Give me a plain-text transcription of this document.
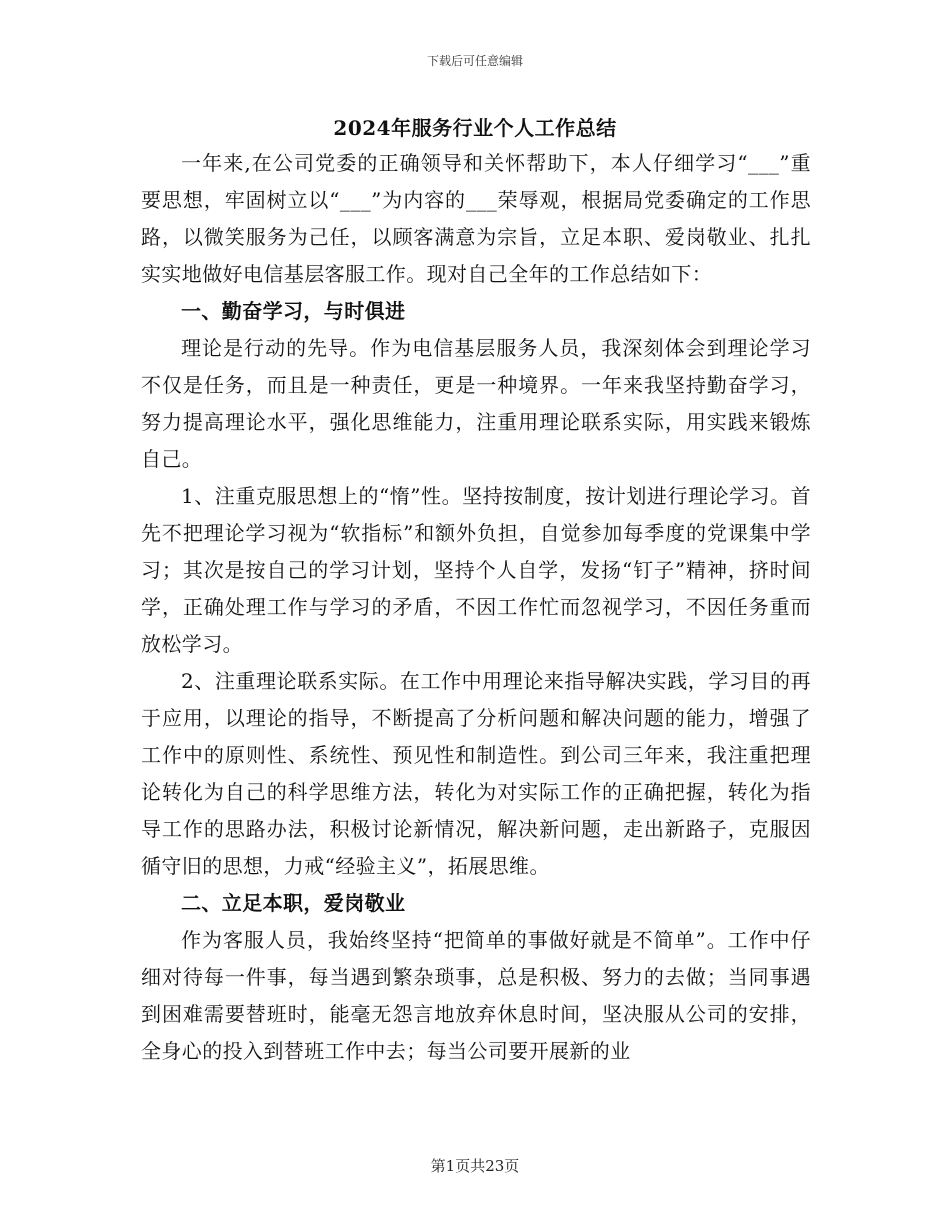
下载后可任意编辑
2024年服务行业个人工作总结

一年来,在公司党委的正确领导和关怀帮助下，本人仔细学习“___”重要思想，牢固树立以“___”为内容的___荣辱观，根据局党委确定的工作思路，以微笑服务为己任，以顾客满意为宗旨，立足本职、爱岗敬业、扎扎实实地做好电信基层客服工作。现对自己全年的工作总结如下：

一、勤奋学习，与时俱进

理论是行动的先导。作为电信基层服务人员，我深刻体会到理论学习不仅是任务，而且是一种责任，更是一种境界。一年来我坚持勤奋学习，努力提高理论水平，强化思维能力，注重用理论联系实际，用实践来锻炼自己。

1、注重克服思想上的“惰”性。坚持按制度，按计划进行理论学习。首先不把理论学习视为“软指标”和额外负担，自觉参加每季度的党课集中学习；其次是按自己的学习计划，坚持个人自学，发扬“钉子”精神，挤时间学，正确处理工作与学习的矛盾，不因工作忙而忽视学习，不因任务重而放松学习。

2、注重理论联系实际。在工作中用理论来指导解决实践，学习目的再于应用，以理论的指导，不断提高了分析问题和解决问题的能力，增强了工作中的原则性、系统性、预见性和制造性。到公司三年来，我注重把理论转化为自己的科学思维方法，转化为对实际工作的正确把握，转化为指导工作的思路办法，积极讨论新情况，解决新问题，走出新路子，克服因循守旧的思想，力戒“经验主义”，拓展思维。

二、立足本职，爱岗敬业

作为客服人员，我始终坚持“把简单的事做好就是不简单”。工作中仔细对待每一件事，每当遇到繁杂琐事，总是积极、努力的去做；当同事遇到困难需要替班时，能毫无怨言地放弃休息时间，坚决服从公司的安排，全身心的投入到替班工作中去；每当公司要开展新的业

第1页共23页
